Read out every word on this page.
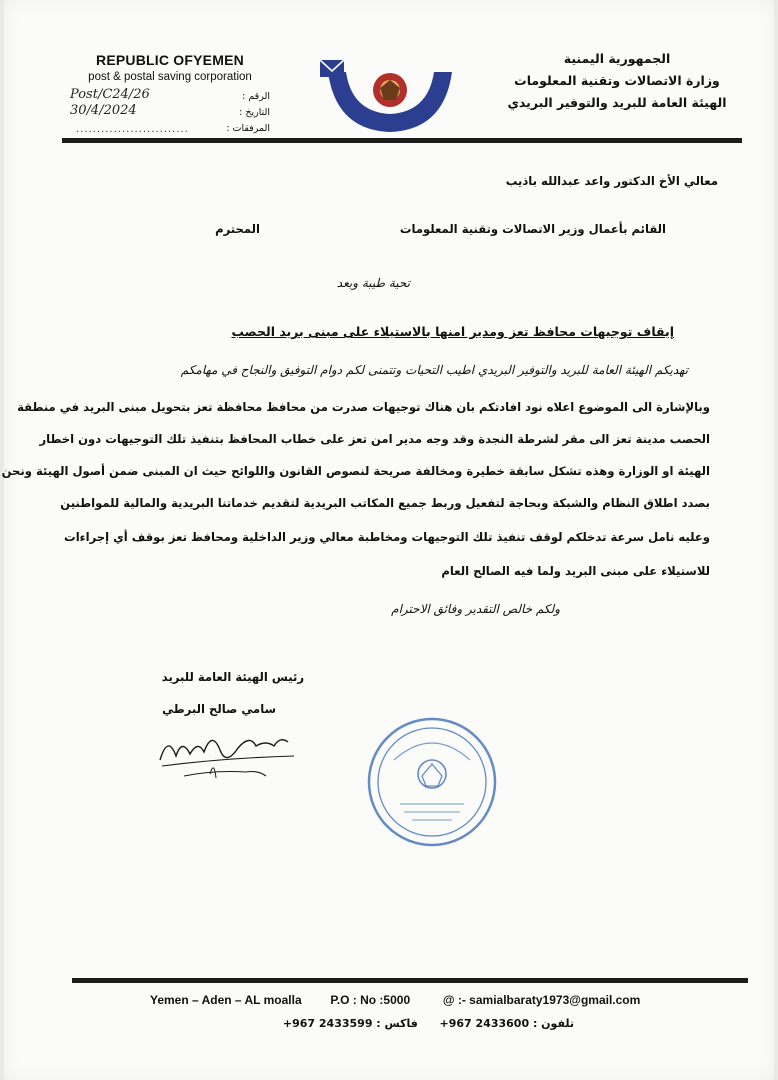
REPUBLIC OFYEMEN
post & postal saving corporation
Post/C24/26	الرقم :
30/4/2024	التاريخ :
...........................	المرفقات :
الجمهورية اليمنية
وزارة الاتصالات وتقنية المعلومات
الهيئة العامة للبريد والتوفير البريدي
معالي الأخ الدكتور واعد عبدالله باذيب
القائم بأعمال وزير الاتصالات وتقنية المعلومات
المحترم
تحية طيبة وبعد
إيقاف توجيهات محافظ تعز ومدير امنها بالاستيلاء على مبنى بريد الحصب
تهديكم الهيئة العامة للبريد والتوفير البريدي اطيب التحيات وتتمنى لكم دوام التوفيق والنجاح في مهامكم
وبالإشارة الى الموضوع اعلاه نود افادتكم بان هناك توجيهات صدرت من محافظ محافظة تعز بتحويل مبنى البريد في منطقة
الحصب مدينة تعز الى مقر لشرطة النجدة وقد وجه مدير امن تعز على خطاب المحافظ بتنفيذ تلك التوجيهات دون اخطار
الهيئة او الوزارة وهذه تشكل سابقة خطيرة ومخالفة صريحة لنصوص القانون واللوائح حيث ان المبنى ضمن أصول الهيئة ونحن
بصدد اطلاق النظام والشبكة وبحاجة لتفعيل وربط جميع المكاتب البريدية لتقديم خدماتنا البريدية والمالية للمواطنين
وعليه نامل سرعة تدخلكم لوقف تنفيذ تلك التوجيهات ومخاطبة معالي وزير الداخلية ومحافظ تعز بوقف أي إجراءات
للاستيلاء على مبنى البريد ولما فيه الصالح العام
ولكم خالص التقدير وفائق الاحترام
رئيس الهيئة العامة للبريد
سامي صالح البرطي
Yemen – Aden – AL moalla P.O : No :5000	@ :- samialbaraty1973@gmail.com
تلفون : 2433600 967+  فاكس : 2433599 967+
